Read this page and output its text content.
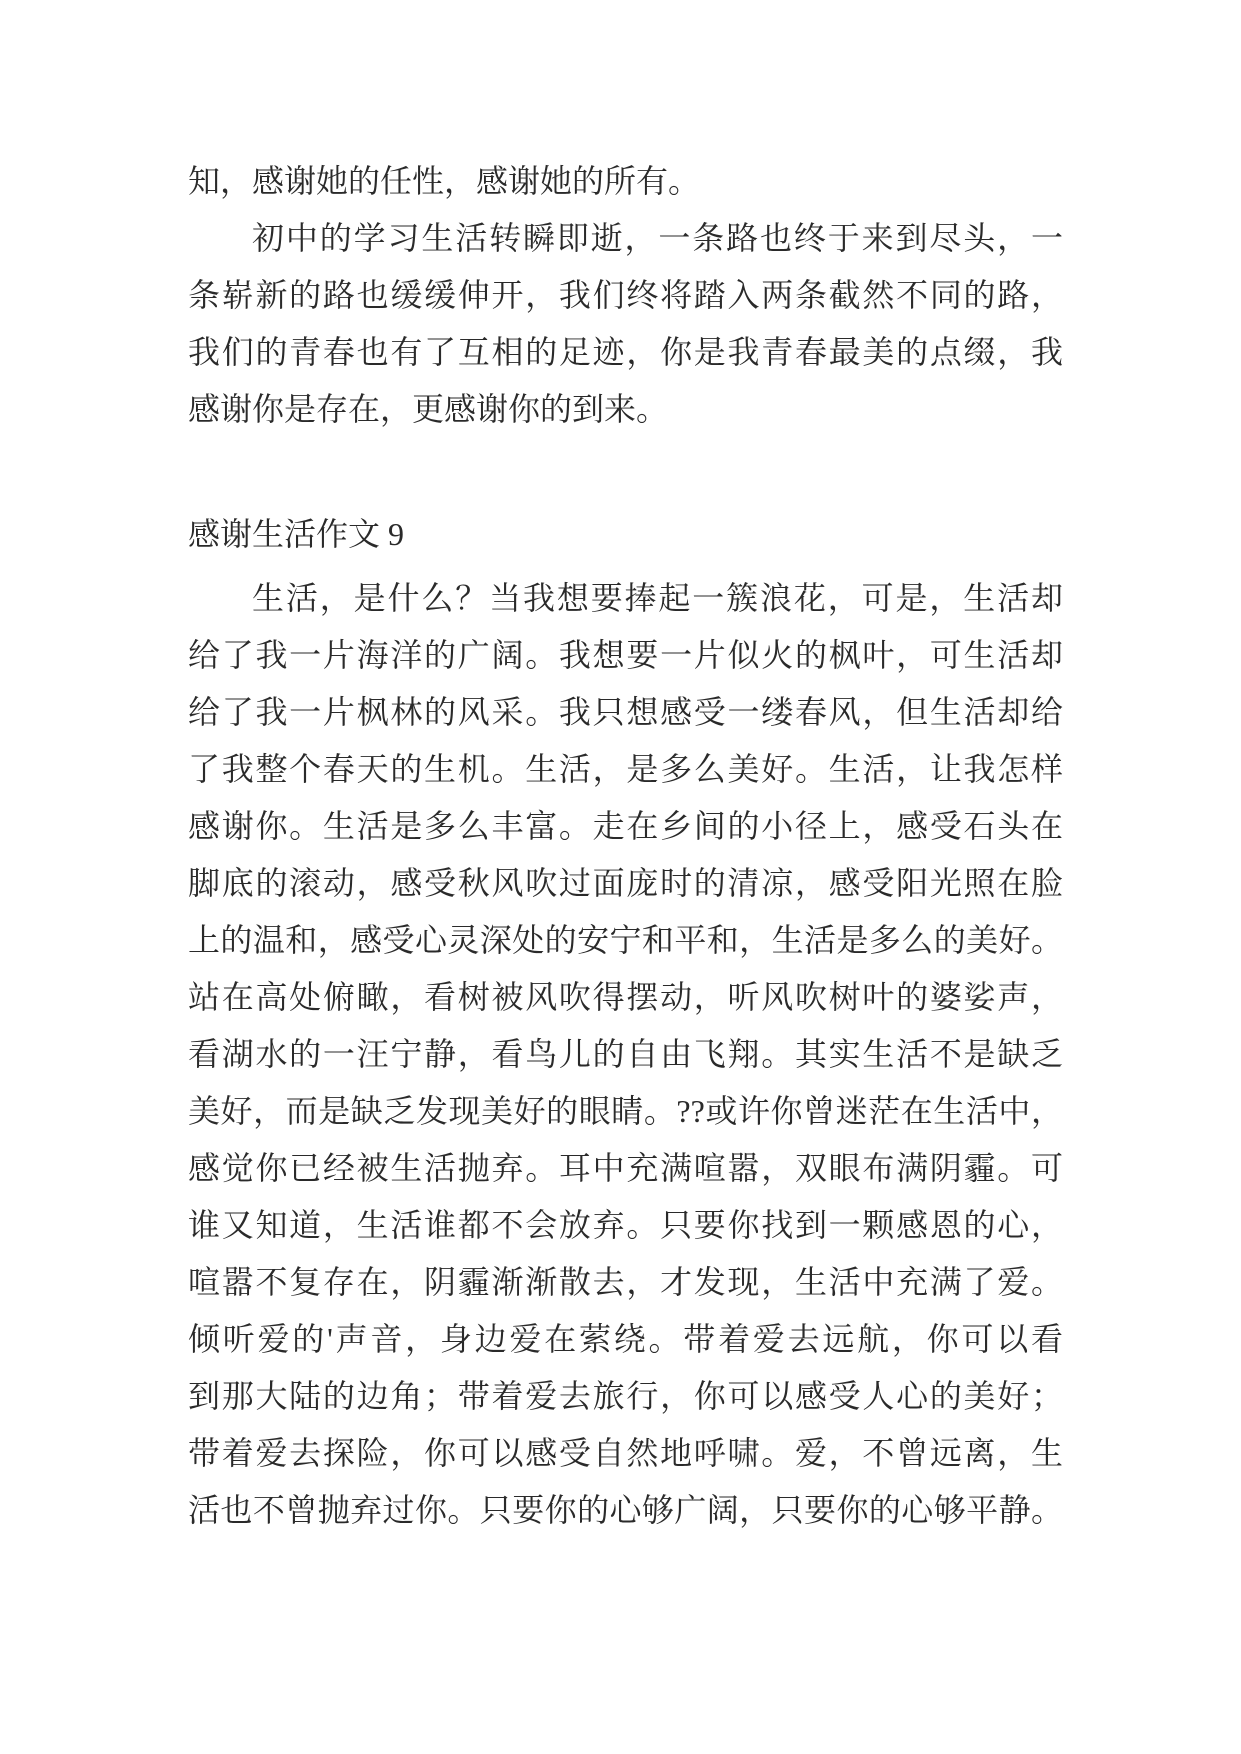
知，感谢她的任性，感谢她的所有。
初中的学习生活转瞬即逝，一条路也终于来到尽头，一
条崭新的路也缓缓伸开，我们终将踏入两条截然不同的路，
我们的青春也有了互相的足迹，你是我青春最美的点缀，我
感谢你是存在，更感谢你的到来。
感谢生活作文 9
生活，是什么？当我想要捧起一簇浪花，可是，生活却
给了我一片海洋的广阔。我想要一片似火的枫叶，可生活却
给了我一片枫林的风采。我只想感受一缕春风，但生活却给
了我整个春天的生机。生活，是多么美好。生活，让我怎样
感谢你。生活是多么丰富。走在乡间的小径上，感受石头在
脚底的滚动，感受秋风吹过面庞时的清凉，感受阳光照在脸
上的温和，感受心灵深处的安宁和平和，生活是多么的美好。
站在高处俯瞰，看树被风吹得摆动，听风吹树叶的婆娑声，
看湖水的一汪宁静，看鸟儿的自由飞翔。其实生活不是缺乏
美好，而是缺乏发现美好的眼睛。??或许你曾迷茫在生活中，
感觉你已经被生活抛弃。耳中充满喧嚣，双眼布满阴霾。可
谁又知道，生活谁都不会放弃。只要你找到一颗感恩的心，
喧嚣不复存在，阴霾渐渐散去，才发现，生活中充满了爱。
倾听爱的'声音，身边爱在萦绕。带着爱去远航，你可以看
到那大陆的边角；带着爱去旅行，你可以感受人心的美好；
带着爱去探险，你可以感受自然地呼啸。爱，不曾远离，生
活也不曾抛弃过你。只要你的心够广阔，只要你的心够平静。
